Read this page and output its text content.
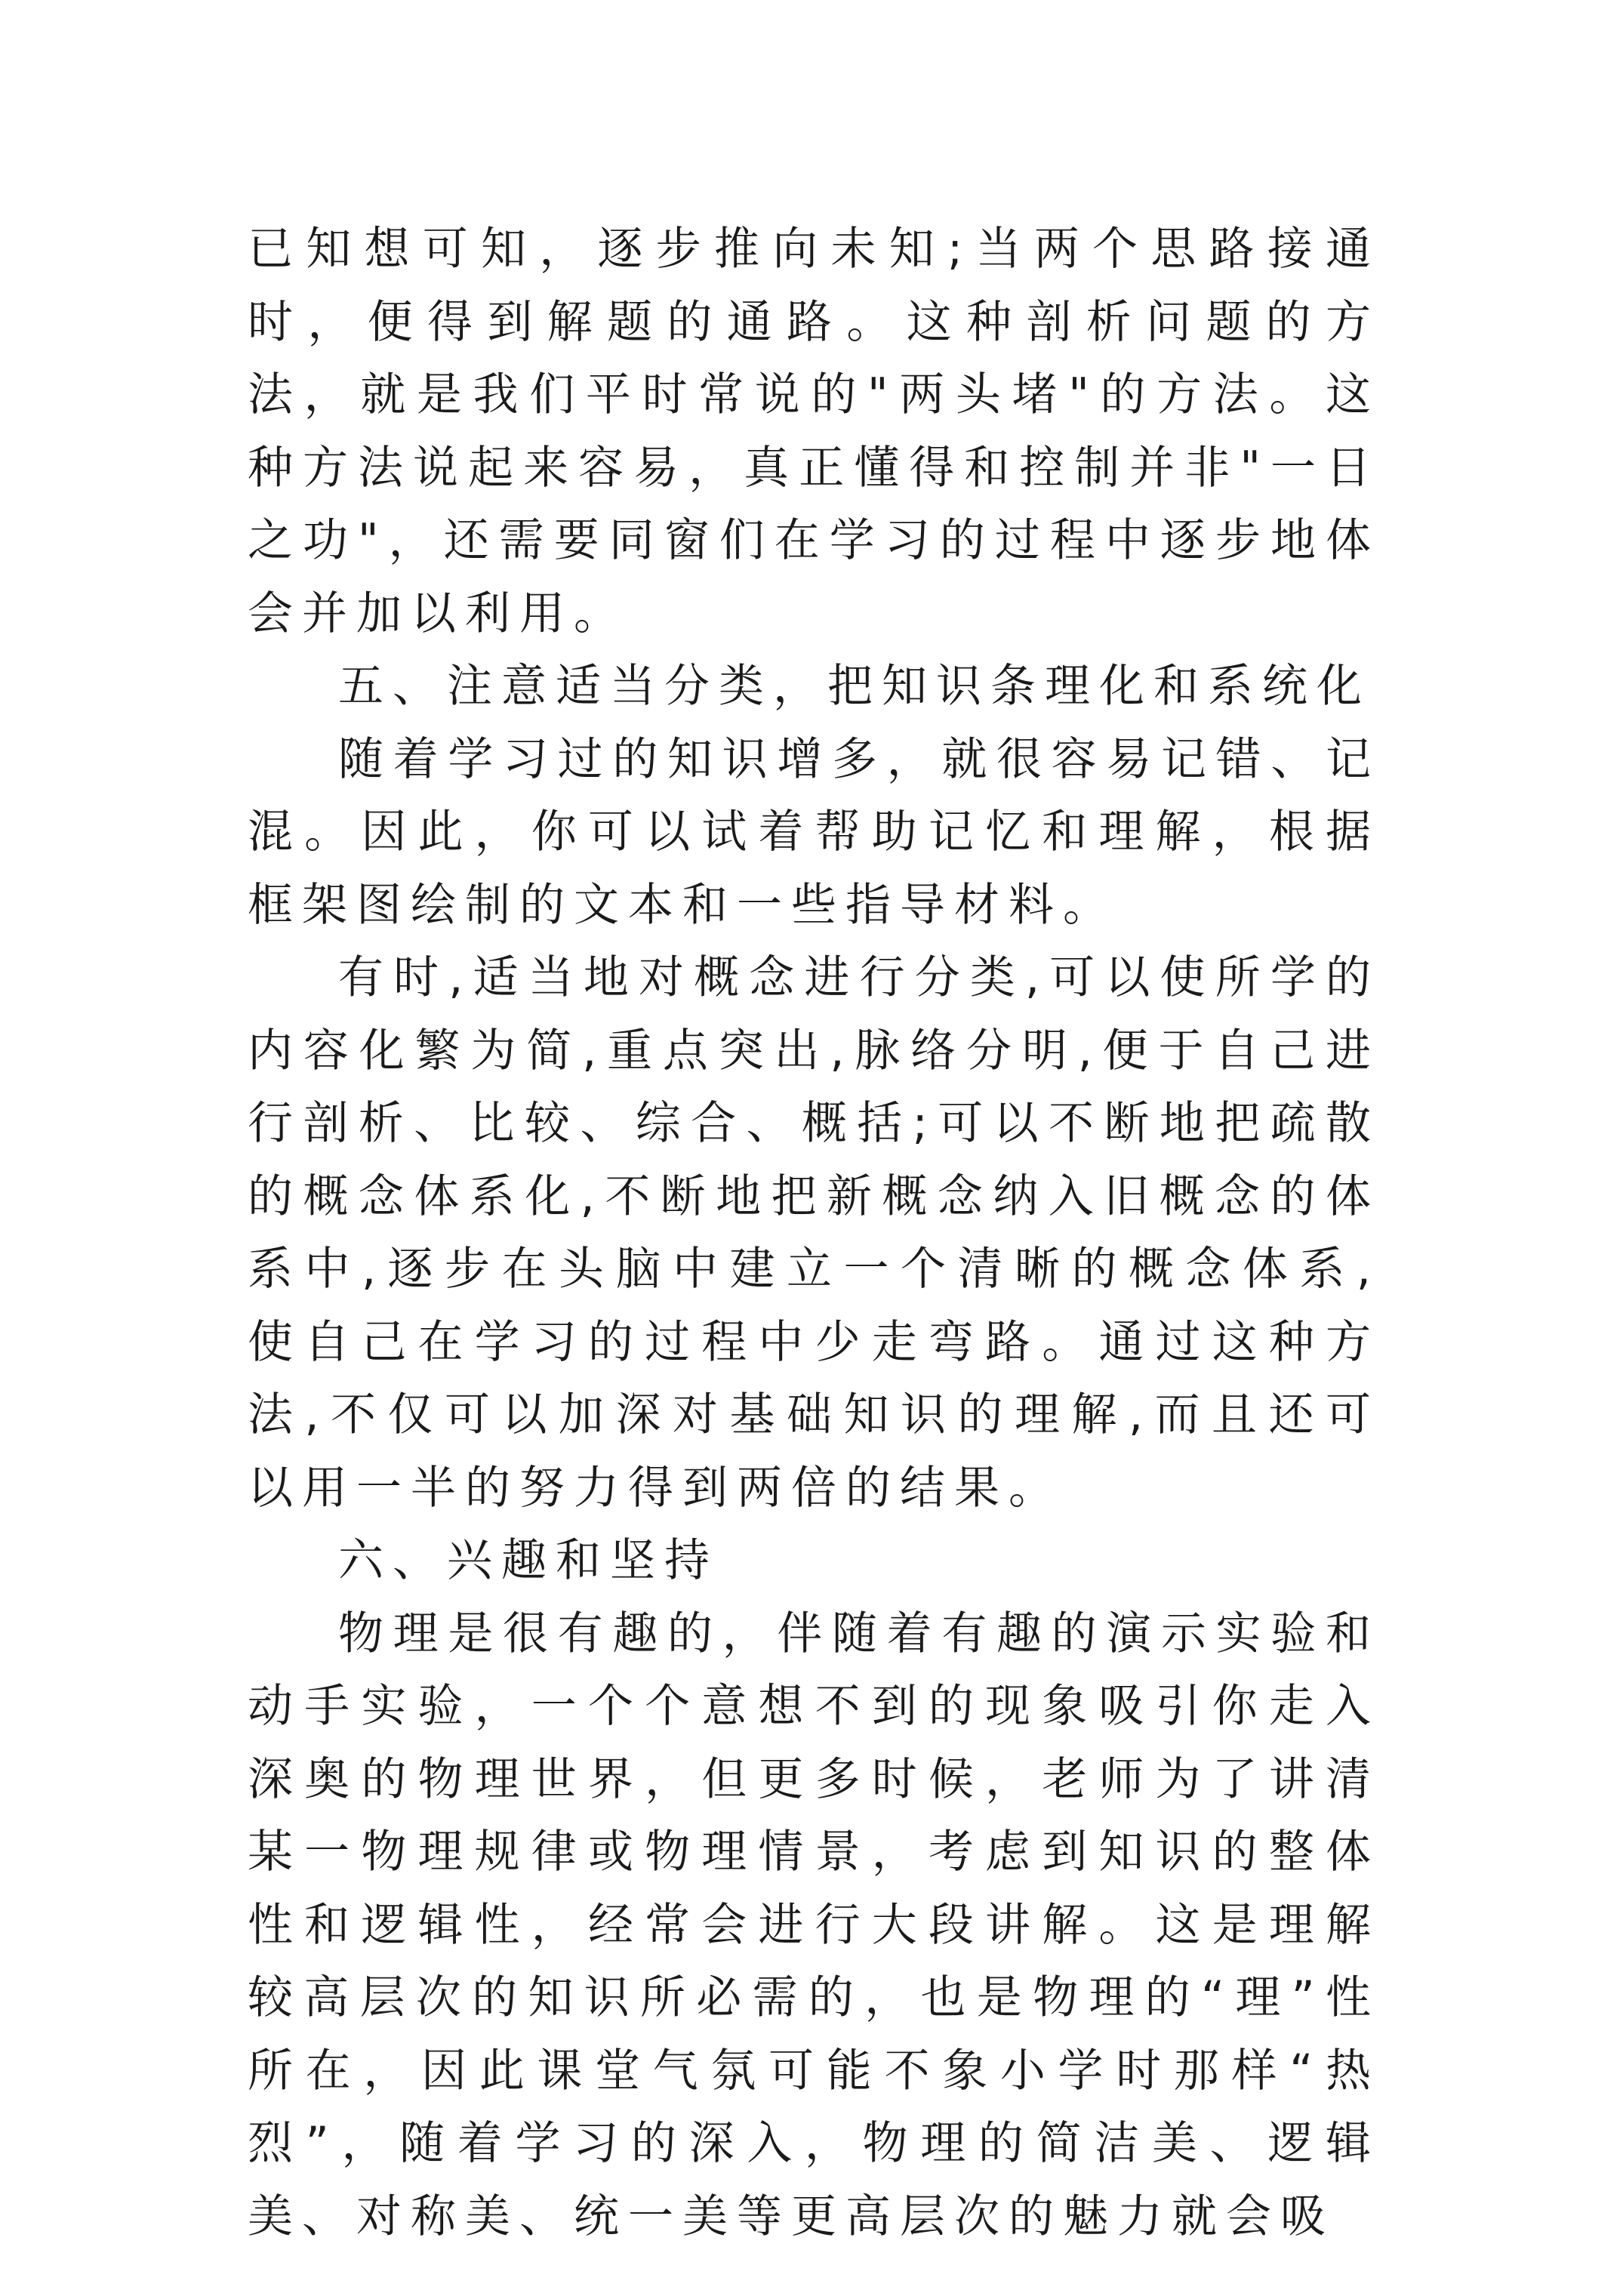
已知想可知，逐步推向未知;当两个思路接通时，便得到解题的通路。这种剖析问题的方法，就是我们平时常说的"两头堵"的方法。这种方法说起来容易，真正懂得和控制并非"一日之功"，还需要同窗们在学习的过程中逐步地体会并加以利用。

五、注意适当分类，把知识条理化和系统化

随着学习过的知识增多，就很容易记错、记混。因此，你可以试着帮助记忆和理解，根据框架图绘制的文本和一些指导材料。

有时,适当地对概念进行分类,可以使所学的内容化繁为简,重点突出,脉络分明,便于自己进行剖析、比较、综合、概括;可以不断地把疏散的概念体系化,不断地把新概念纳入旧概念的体系中,逐步在头脑中建立一个清晰的概念体系,使自己在学习的过程中少走弯路。通过这种方法,不仅可以加深对基础知识的理解,而且还可以用一半的努力得到两倍的结果。

六、兴趣和坚持

物理是很有趣的，伴随着有趣的演示实验和动手实验，一个个意想不到的现象吸引你走入深奥的物理世界，但更多时候，老师为了讲清某一物理规律或物理情景，考虑到知识的整体性和逻辑性，经常会进行大段讲解。这是理解较高层次的知识所必需的，也是物理的“理”性所在，因此课堂气氛可能不象小学时那样“热烈”，随着学习的深入，物理的简洁美、逻辑美、对称美、统一美等更高层次的魅力就会吸
